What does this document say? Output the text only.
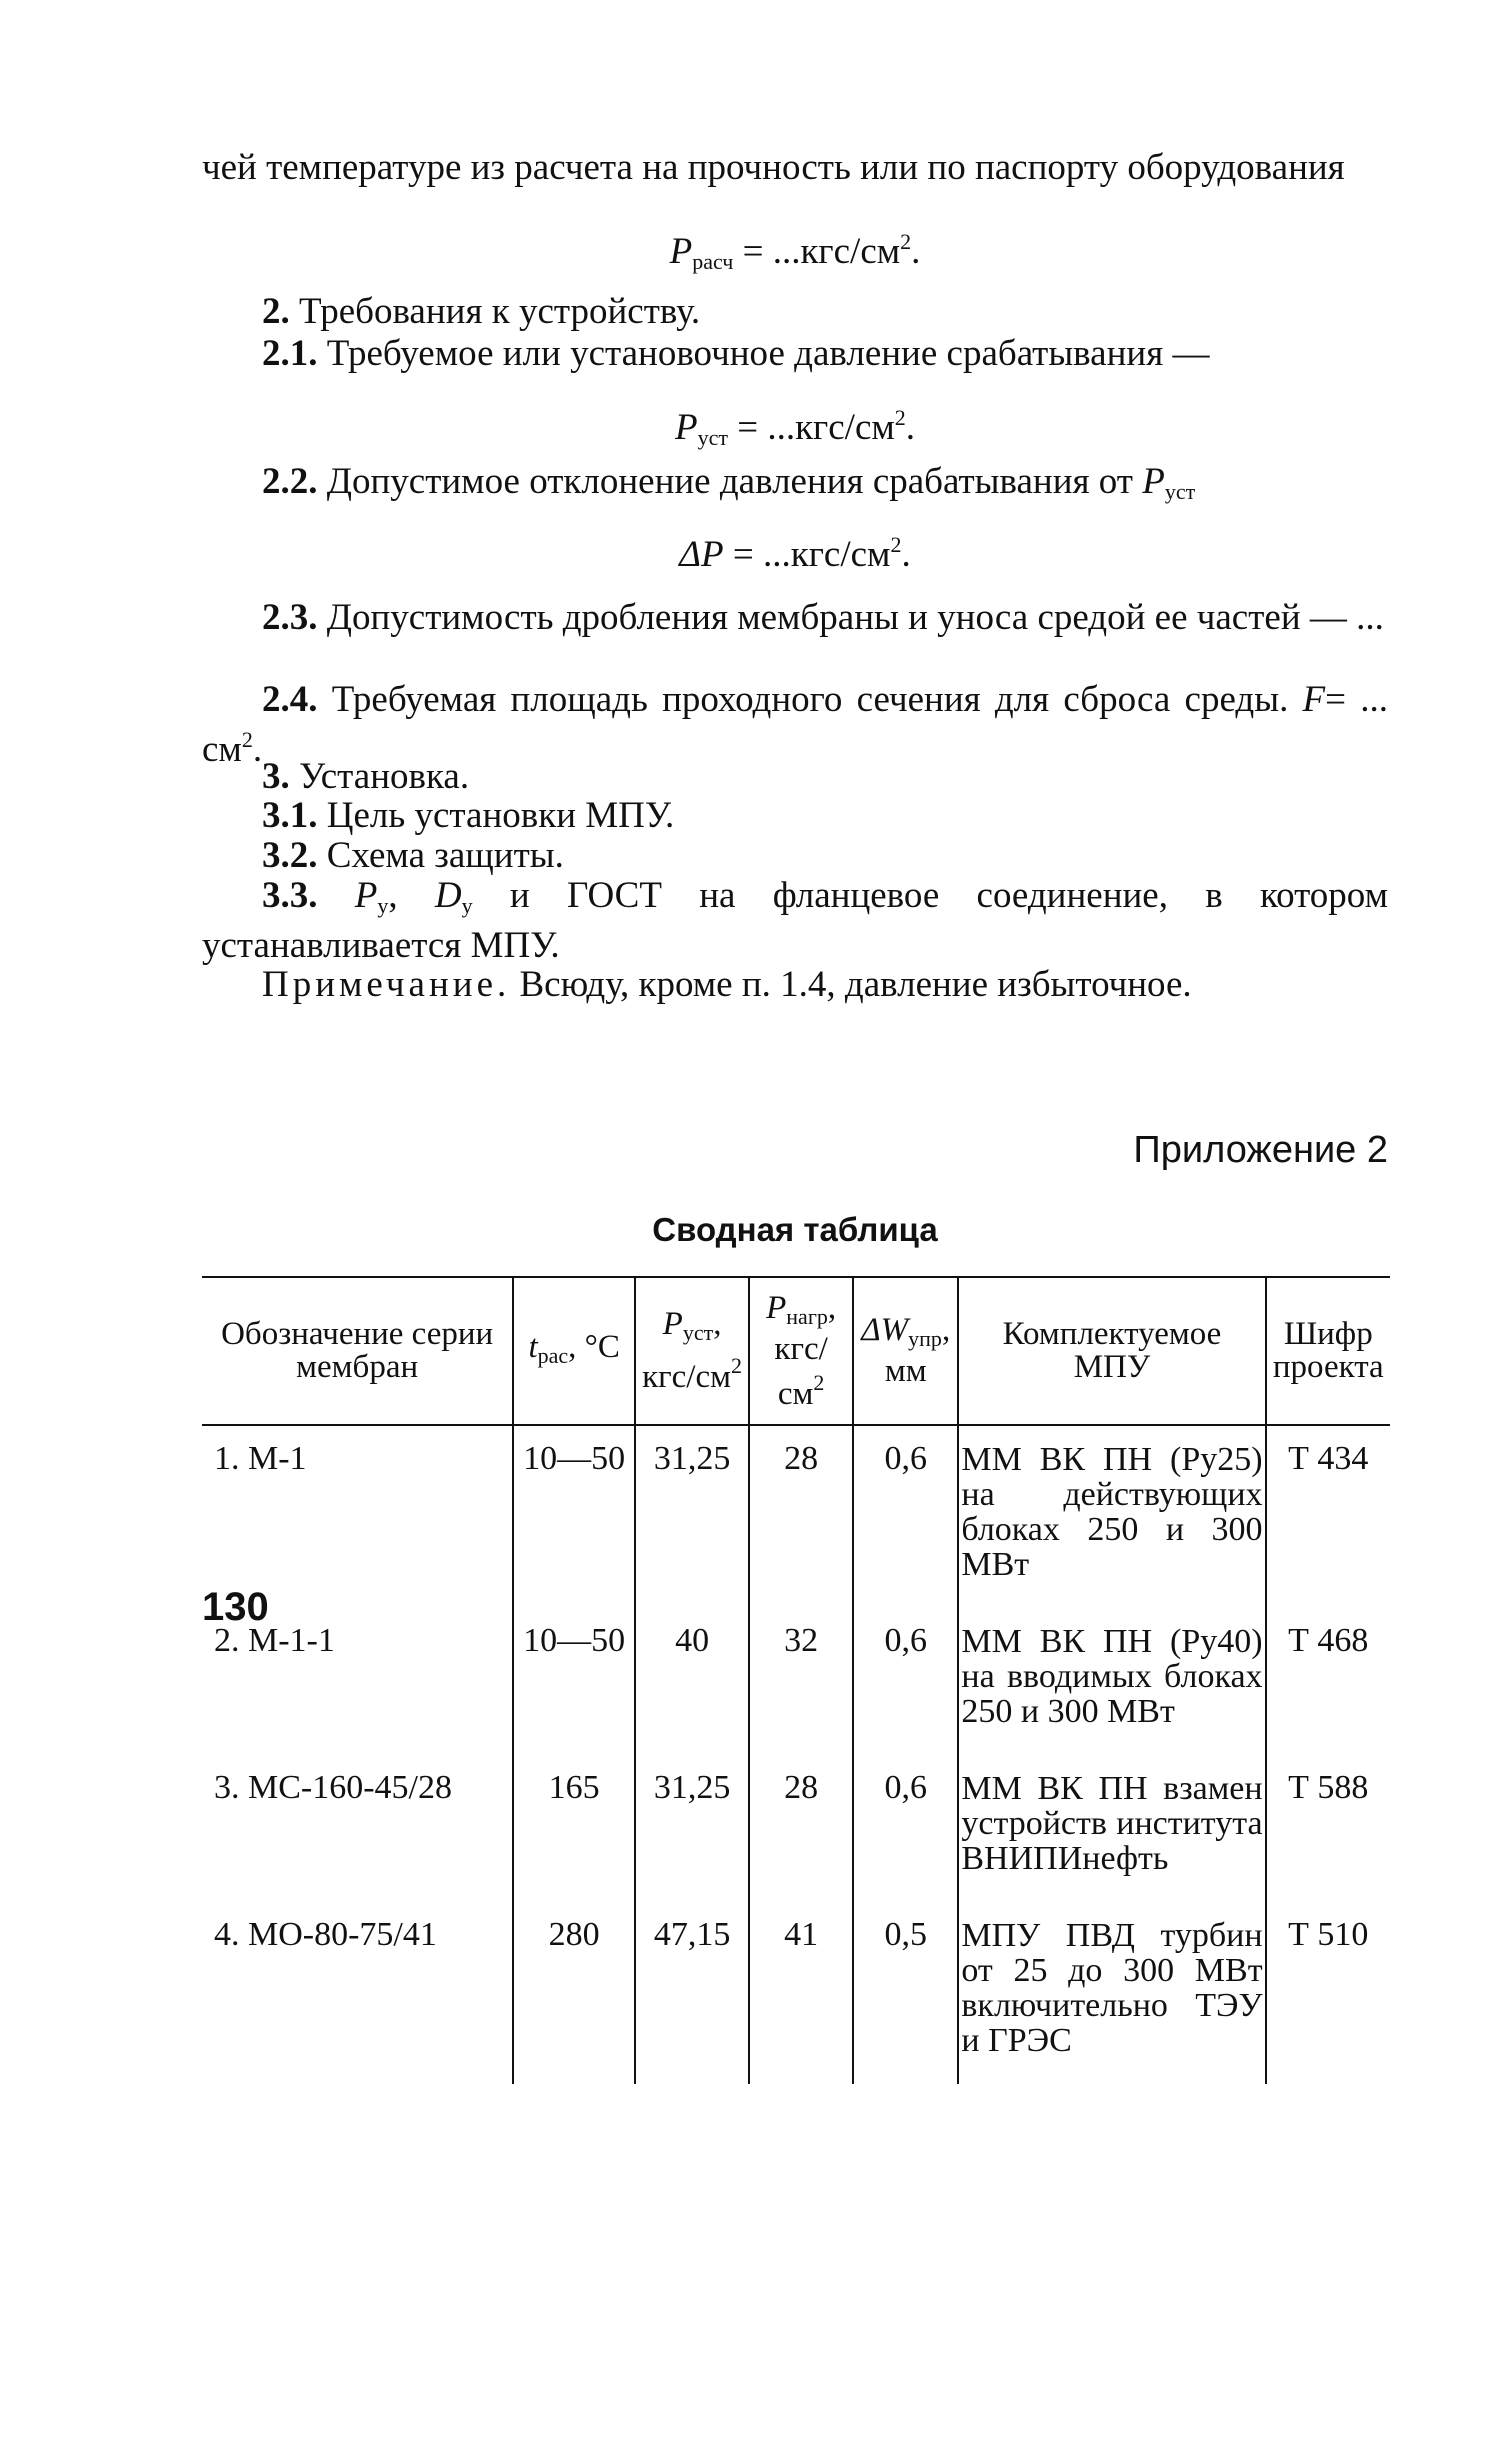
чей температуре из расчета на прочность или по паспорту оборудования

$P_{расч} = ...кгс/см^2$.

2. Требования к устройству.

2.1. Требуемое или установочное давление срабатывания —

$P_{уст} = ...кгс/см^2$.

2.2. Допустимое отклонение давления срабатывания от $P_{уст}$

$\Delta P = ...кгс/см^2$.

2.3. Допустимость дробления мембраны и уноса средой ее частей — ...

2.4. Требуемая площадь проходного сечения для сброса среды. F= ... $см^2$.

3. Установка.

3.1. Цель установки МПУ.

3.2. Схема защиты.

3.3. $P_у$, $D_у$ и ГОСТ на фланцевое соединение, в котором устанавливается МПУ.

Примечание. Всюду, кроме п. 1.4, давление избыточное.

Приложение 2
Сводная таблица
Обозначение серии мембран	$t_{рас}$, °С	$P_{уст}$, кгс/$см^2$	$P_{нагр}$, кгс/$см^2$	$\Delta W_{упр}$, мм	Комплектуемое МПУ	Шифр проекта
1. М-1	10—50	31,25	28	0,6	ММ ВК ПН (Pу25) на действующих блоках 250 и 300 МВт	Т 434
2. М-1-1	10—50	40	32	0,6	ММ ВК ПН (Pу40) на вводимых блоках 250 и 300 МВт	Т 468
3. МС-160-45/28	165	31,25	28	0,6	ММ ВК ПН взамен устройств института ВНИПИнефть	Т 588
4. МО-80-75/41	280	47,15	41	0,5	МПУ ПВД турбин от 25 до 300 МВт включительно ТЭУ и ГРЭС	Т 510
130
